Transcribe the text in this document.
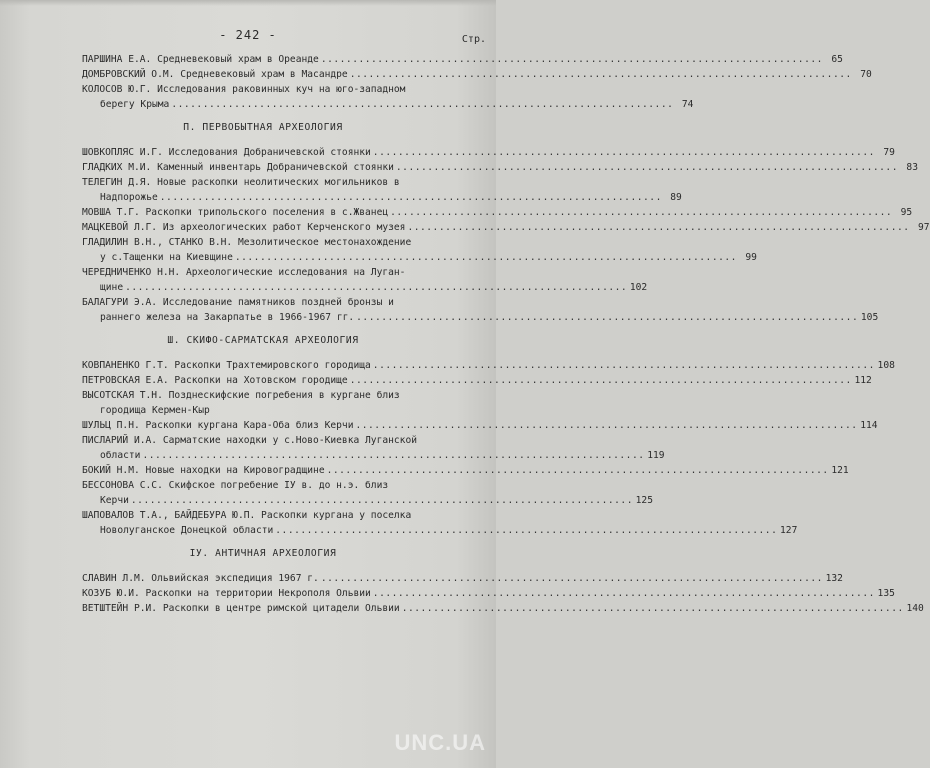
- 242 -	Стр.
ПАРШИНА Е.А. Средневековый храм в Ореанде ................................................................................ 65
ДОМБРОВСКИЙ О.М. Средневековый храм в Масандре ................................................................................ 70
КОЛОСОВ Ю.Г. Исследования раковинных куч на юго-западном
берегу Крыма ................................................................................ 74
П. ПЕРВОБЫТНАЯ АРХЕОЛОГИЯ
ШОВКОПЛЯС И.Г. Исследования Добраничевской стоянки ................................................................................ 79
ГЛАДКИХ М.И. Каменный инвентарь Добраничевской стоянки ................................................................................ 83
ТЕЛЕГИН Д.Я. Новые раскопки неолитических могильников в
Надпорожье ................................................................................ 89
МОВША Т.Г. Раскопки трипольского поселения в с.Жванец ................................................................................ 95
МАЦКЕВОЙ Л.Г. Из археологических работ Керченского музея ................................................................................ 97
ГЛАДИЛИН В.Н., СТАНКО В.Н. Мезолитическое местонахождение
у с.Тащенки на Киевщине ................................................................................ 99
ЧЕРЕДНИЧЕНКО Н.Н. Археологические исследования на Луган-
щине ................................................................................ 102
БАЛАГУРИ Э.А. Исследование памятников поздней бронзы и
раннего железа на Закарпатье в 1966-1967 гг. ................................................................................ 105
Ш. СКИФО-САРМАТСКАЯ АРХЕОЛОГИЯ
КОВПАНЕНКО Г.Т. Раскопки Трахтемировского городища ................................................................................ 108
ПЕТРОВСКАЯ Е.А. Раскопки на Хотовском городище ................................................................................ 112
ВЫСОТСКАЯ Т.Н. Позднескифские погребения в кургане близ
городища Кермен-Кыр
ШУЛЬЦ П.Н. Раскопки кургана Кара-Оба близ Керчи ................................................................................ 114
ПИСЛАРИЙ И.А. Сарматские находки у с.Ново-Киевка Луганской
области ................................................................................ 119
БОКИЙ Н.М. Новые находки на Кировоградщине ................................................................................ 121
БЕССОНОВА С.С. Скифское погребение IУ в. до н.э. близ
Керчи ................................................................................ 125
ШАПОВАЛОВ Т.А., БАЙДЕБУРА Ю.П. Раскопки кургана у поселка
Новолуганское Донецкой области ................................................................................ 127
IУ. АНТИЧНАЯ АРХЕОЛОГИЯ
СЛАВИН Л.М. Ольвийская экспедиция 1967 г. ................................................................................ 132
КОЗУБ Ю.И. Раскопки на территории Некрополя Ольвии ................................................................................ 135
ВЕТШТЕЙН Р.И. Раскопки в центре римской цитадели Ольвии ................................................................................ 140
UNC.UA
